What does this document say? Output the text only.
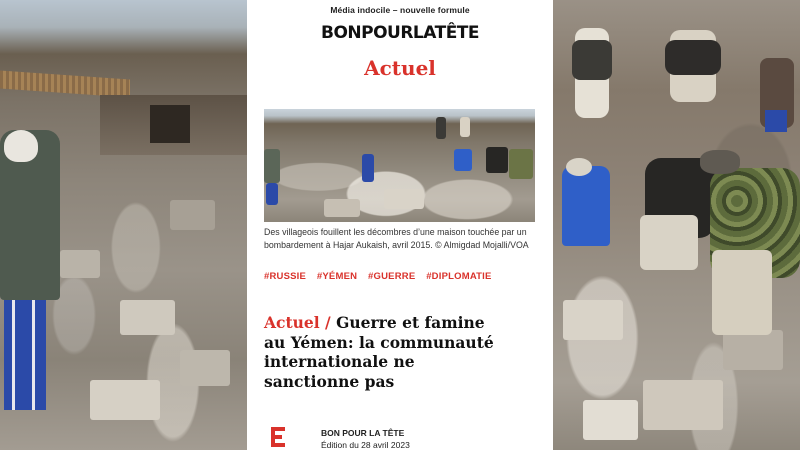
Média indocile – nouvelle formule
BONPOURLATÊTE
Actuel
Des villageois fouillent les décombres d’une maison touchée par un bombardement à Hajar Aukaish, avril 2015. © Almigdad Mojalli/VOA
#RUSSIE #YÉMEN #GUERRE #DIPLOMATIE
Actuel / Guerre et famine au Yémen: la communauté internationale ne sanctionne pas
BON POUR LA TÊTE
Édition du 28 avril 2023
